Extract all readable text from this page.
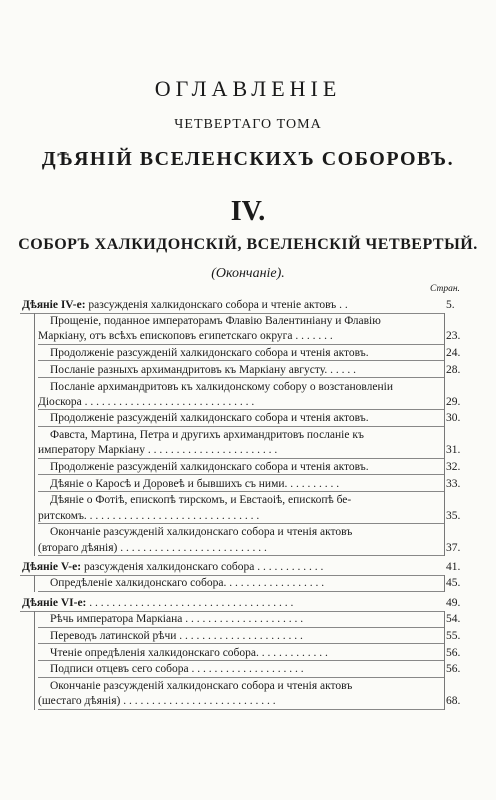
ОГЛАВЛЕНIЕ
ЧЕТВЕРТАГО ТОМА
ДѢЯНIЙ ВСЕЛЕНСКИХЪ СОБОРОВЪ.
IV.
СОБОРЪ ХАЛКИДОНСКIЙ, ВСЕЛЕНСКIЙ ЧЕТВЕРТЫЙ.
(Окончанiе).
Стран.
Дѣянiе IV-е: разсужденiя халкидонскаго собора и чтенiе актовъ . .	5.
Прощенiе, поданное императорамъ Флавiю Валентинiану и Флавiю
Маркiану, отъ всѣхъ епископовъ египетскаго округа . . . . . . .	23.
Продолженiе разсужденiй халкидонскаго собора и чтенiя актовъ.	24.
Посланiе разныхъ архимандритовъ къ Маркiану августу. . . . . .	28.
Посланiе архимандритовъ къ халкидонскому собору о возстановленiи
Дiоскора . . . . . . . . . . . . . . . . . . . . . . . . . . . . . .	29.
Продолженiе разсужденiй халкидонскаго собора и чтенiя актовъ.	30.
Фавста, Мартина, Петра и другихъ архимандритовъ посланiе къ
императору Маркiану . . . . . . . . . . . . . . . . . . . . . . .	31.
Продолженiе разсужденiй халкидонскаго собора и чтенiя актовъ.	32.
Дѣянiе о Каросѣ и Доровеѣ и бывшихъ съ ними. . . . . . . . . .	33.
Дѣянiе о Фотiѣ, епископѣ тирскомъ, и Евстаоiѣ, епископѣ бе-
ритскомъ. . . . . . . . . . . . . . . . . . . . . . . . . . . . . . .	35.
Окончанiе разсужденiй халкидонскаго собора и чтенiя актовъ
(втораго дѣянiя) . . . . . . . . . . . . . . . . . . . . . . . . . .	37.
Дѣянiе V-е: разсужденiя халкидонскаго собора . . . . . . . . . . . .	41.
Опредѣленiе халкидонскаго собора. . . . . . . . . . . . . . . . . .	45.
Дѣянiе VI-е: . . . . . . . . . . . . . . . . . . . . . . . . . . . . . . . . . . . .	49.
Рѣчь императора Маркiана . . . . . . . . . . . . . . . . . . . . .	54.
Переводъ латинской рѣчи . . . . . . . . . . . . . . . . . . . . . .	55.
Чтенiе опредѣленiя халкидонскаго собора. . . . . . . . . . . . .	56.
Подписи отцевъ сего собора . . . . . . . . . . . . . . . . . . . .	56.
Окончанiе разсужденiй халкидонскаго собора и чтенiя актовъ
(шестаго дѣянiя) . . . . . . . . . . . . . . . . . . . . . . . . . . .	68.
